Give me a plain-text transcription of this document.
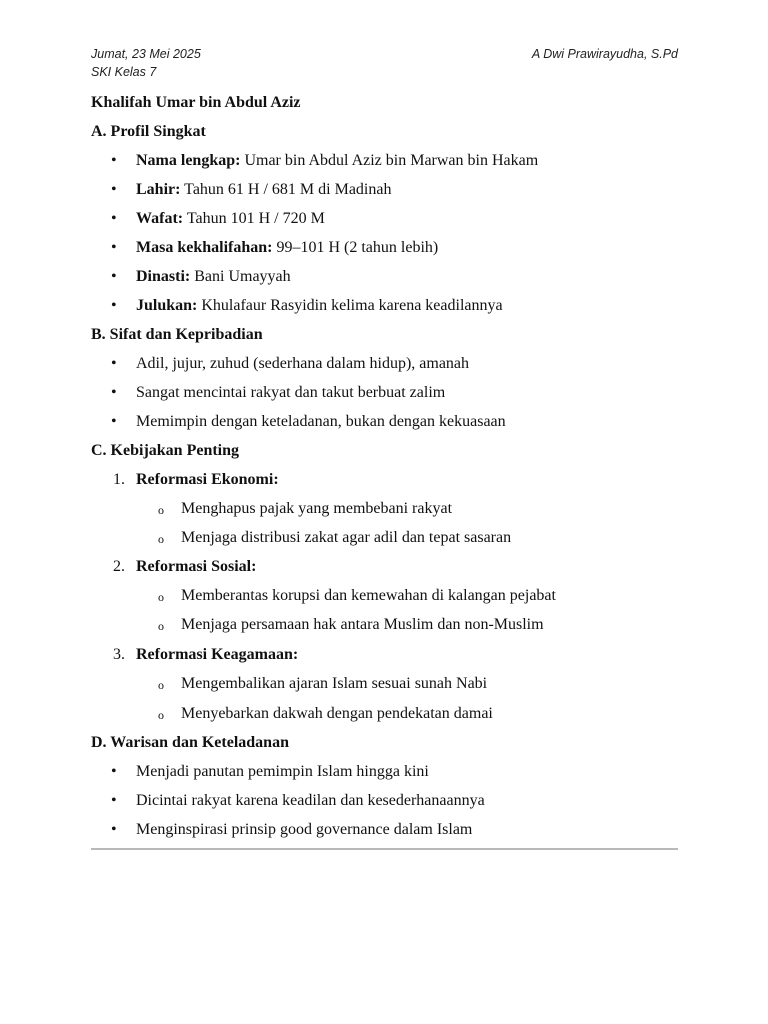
Jumat, 23 Mei 2025
SKI Kelas 7
A Dwi Prawirayudha, S.Pd
Khalifah Umar bin Abdul Aziz
A. Profil Singkat
• Nama lengkap: Umar bin Abdul Aziz bin Marwan bin Hakam
• Lahir: Tahun 61 H / 681 M di Madinah
• Wafat: Tahun 101 H / 720 M
• Masa kekhalifahan: 99–101 H (2 tahun lebih)
• Dinasti: Bani Umayyah
• Julukan: Khulafaur Rasyidin kelima karena keadilannya
B. Sifat dan Kepribadian
• Adil, jujur, zuhud (sederhana dalam hidup), amanah
• Sangat mencintai rakyat dan takut berbuat zalim
• Memimpin dengan keteladanan, bukan dengan kekuasaan
C. Kebijakan Penting
1. Reformasi Ekonomi:
o Menghapus pajak yang membebani rakyat
o Menjaga distribusi zakat agar adil dan tepat sasaran
2. Reformasi Sosial:
o Memberantas korupsi dan kemewahan di kalangan pejabat
o Menjaga persamaan hak antara Muslim dan non-Muslim
3. Reformasi Keagamaan:
o Mengembalikan ajaran Islam sesuai sunah Nabi
o Menyebarkan dakwah dengan pendekatan damai
D. Warisan dan Keteladanan
• Menjadi panutan pemimpin Islam hingga kini
• Dicintai rakyat karena keadilan dan kesederhanaannya
• Menginspirasi prinsip good governance dalam Islam
